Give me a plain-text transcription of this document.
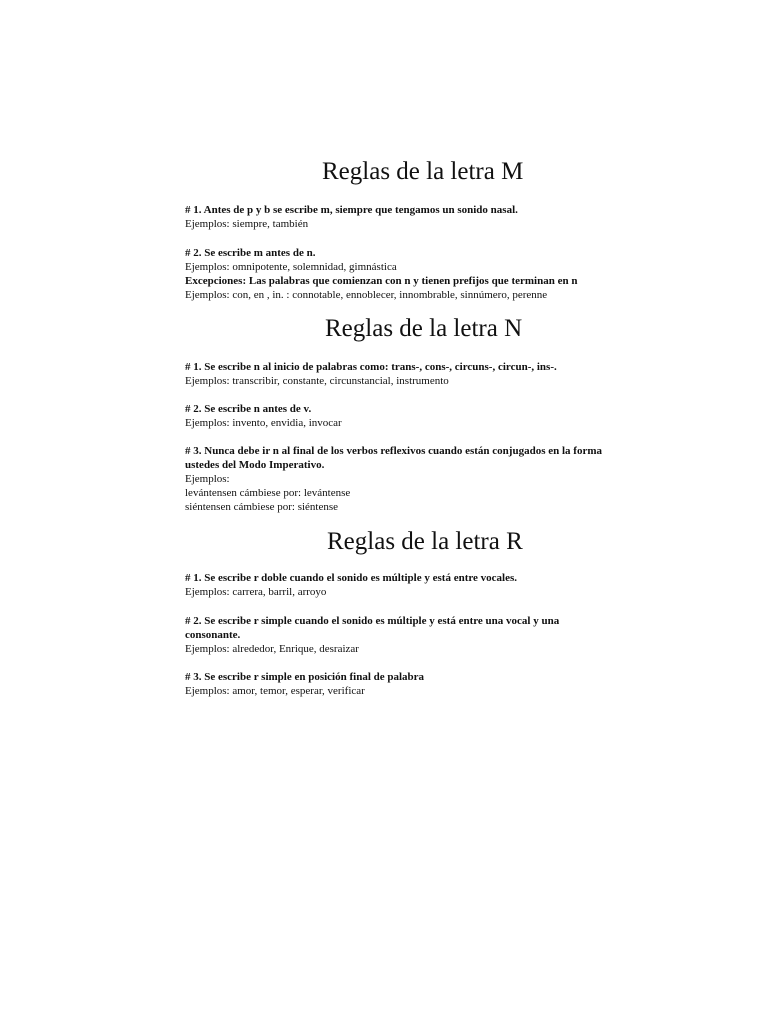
Reglas de la letra M

# 1. Antes de p y b se escribe m, siempre que tengamos un sonido nasal.

Ejemplos: siempre, también

# 2. Se escribe m antes de n.

Ejemplos: omnipotente, solemnidad, gimnástica

Excepciones: Las palabras que comienzan con n y tienen prefijos que terminan en n

Ejemplos: con, en , in. : connotable, ennoblecer, innombrable, sinnúmero, perenne

Reglas de la letra N

# 1. Se escribe n al inicio de palabras como: trans-, cons-, circuns-, circun-, ins-.

Ejemplos: transcribir, constante, circunstancial, instrumento

# 2. Se escribe n antes de v.

Ejemplos: invento, envidia, invocar

# 3. Nunca debe ir n al final de los verbos reflexivos cuando están conjugados en la forma

ustedes del Modo Imperativo.

Ejemplos:

levántensen cámbiese por: levántense

siéntensen cámbiese por: siéntense

Reglas de la letra R

# 1. Se escribe r doble cuando el sonido es múltiple y está entre vocales.

Ejemplos: carrera, barril, arroyo

# 2. Se escribe r simple cuando el sonido es múltiple y está entre una vocal y una

consonante.

Ejemplos: alrededor, Enrique, desraizar

# 3. Se escribe r simple en posición final de palabra

Ejemplos: amor, temor, esperar, verificar
